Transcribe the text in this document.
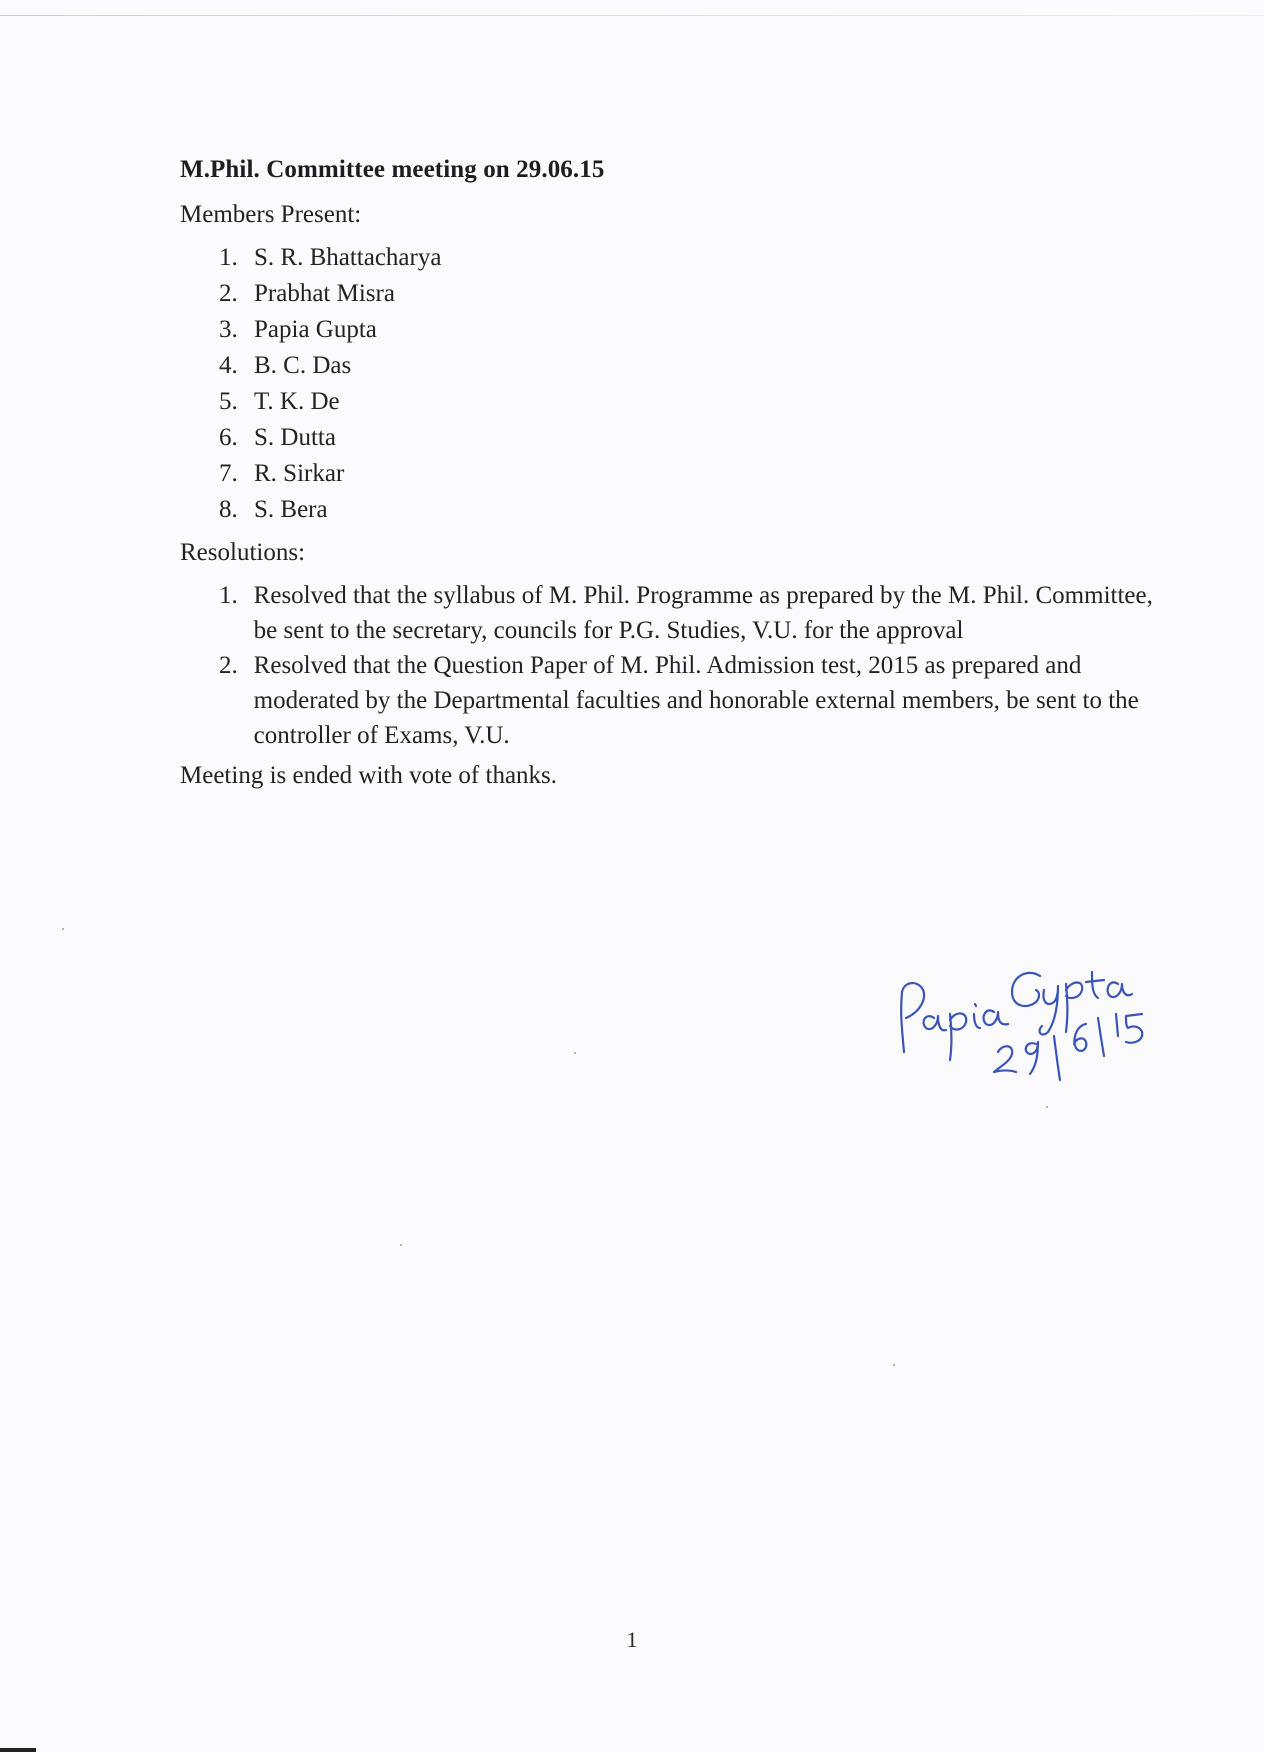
M.Phil. Committee meeting on 29.06.15

Members Present:

1. S. R. Bhattacharya
2. Prabhat Misra
3. Papia Gupta
4. B. C. Das
5. T. K. De
6. S. Dutta
7. R. Sirkar
8. S. Bera

Resolutions:

1. Resolved that the syllabus of M. Phil. Programme as prepared by the M. Phil. Committee, be sent to the secretary, councils for P.G. Studies, V.U. for the approval
2. Resolved that the Question Paper of M. Phil. Admission test, 2015 as prepared and moderated by the Departmental faculties and honorable external members, be sent to the controller of Exams, V.U.

Meeting is ended with vote of thanks.

1
